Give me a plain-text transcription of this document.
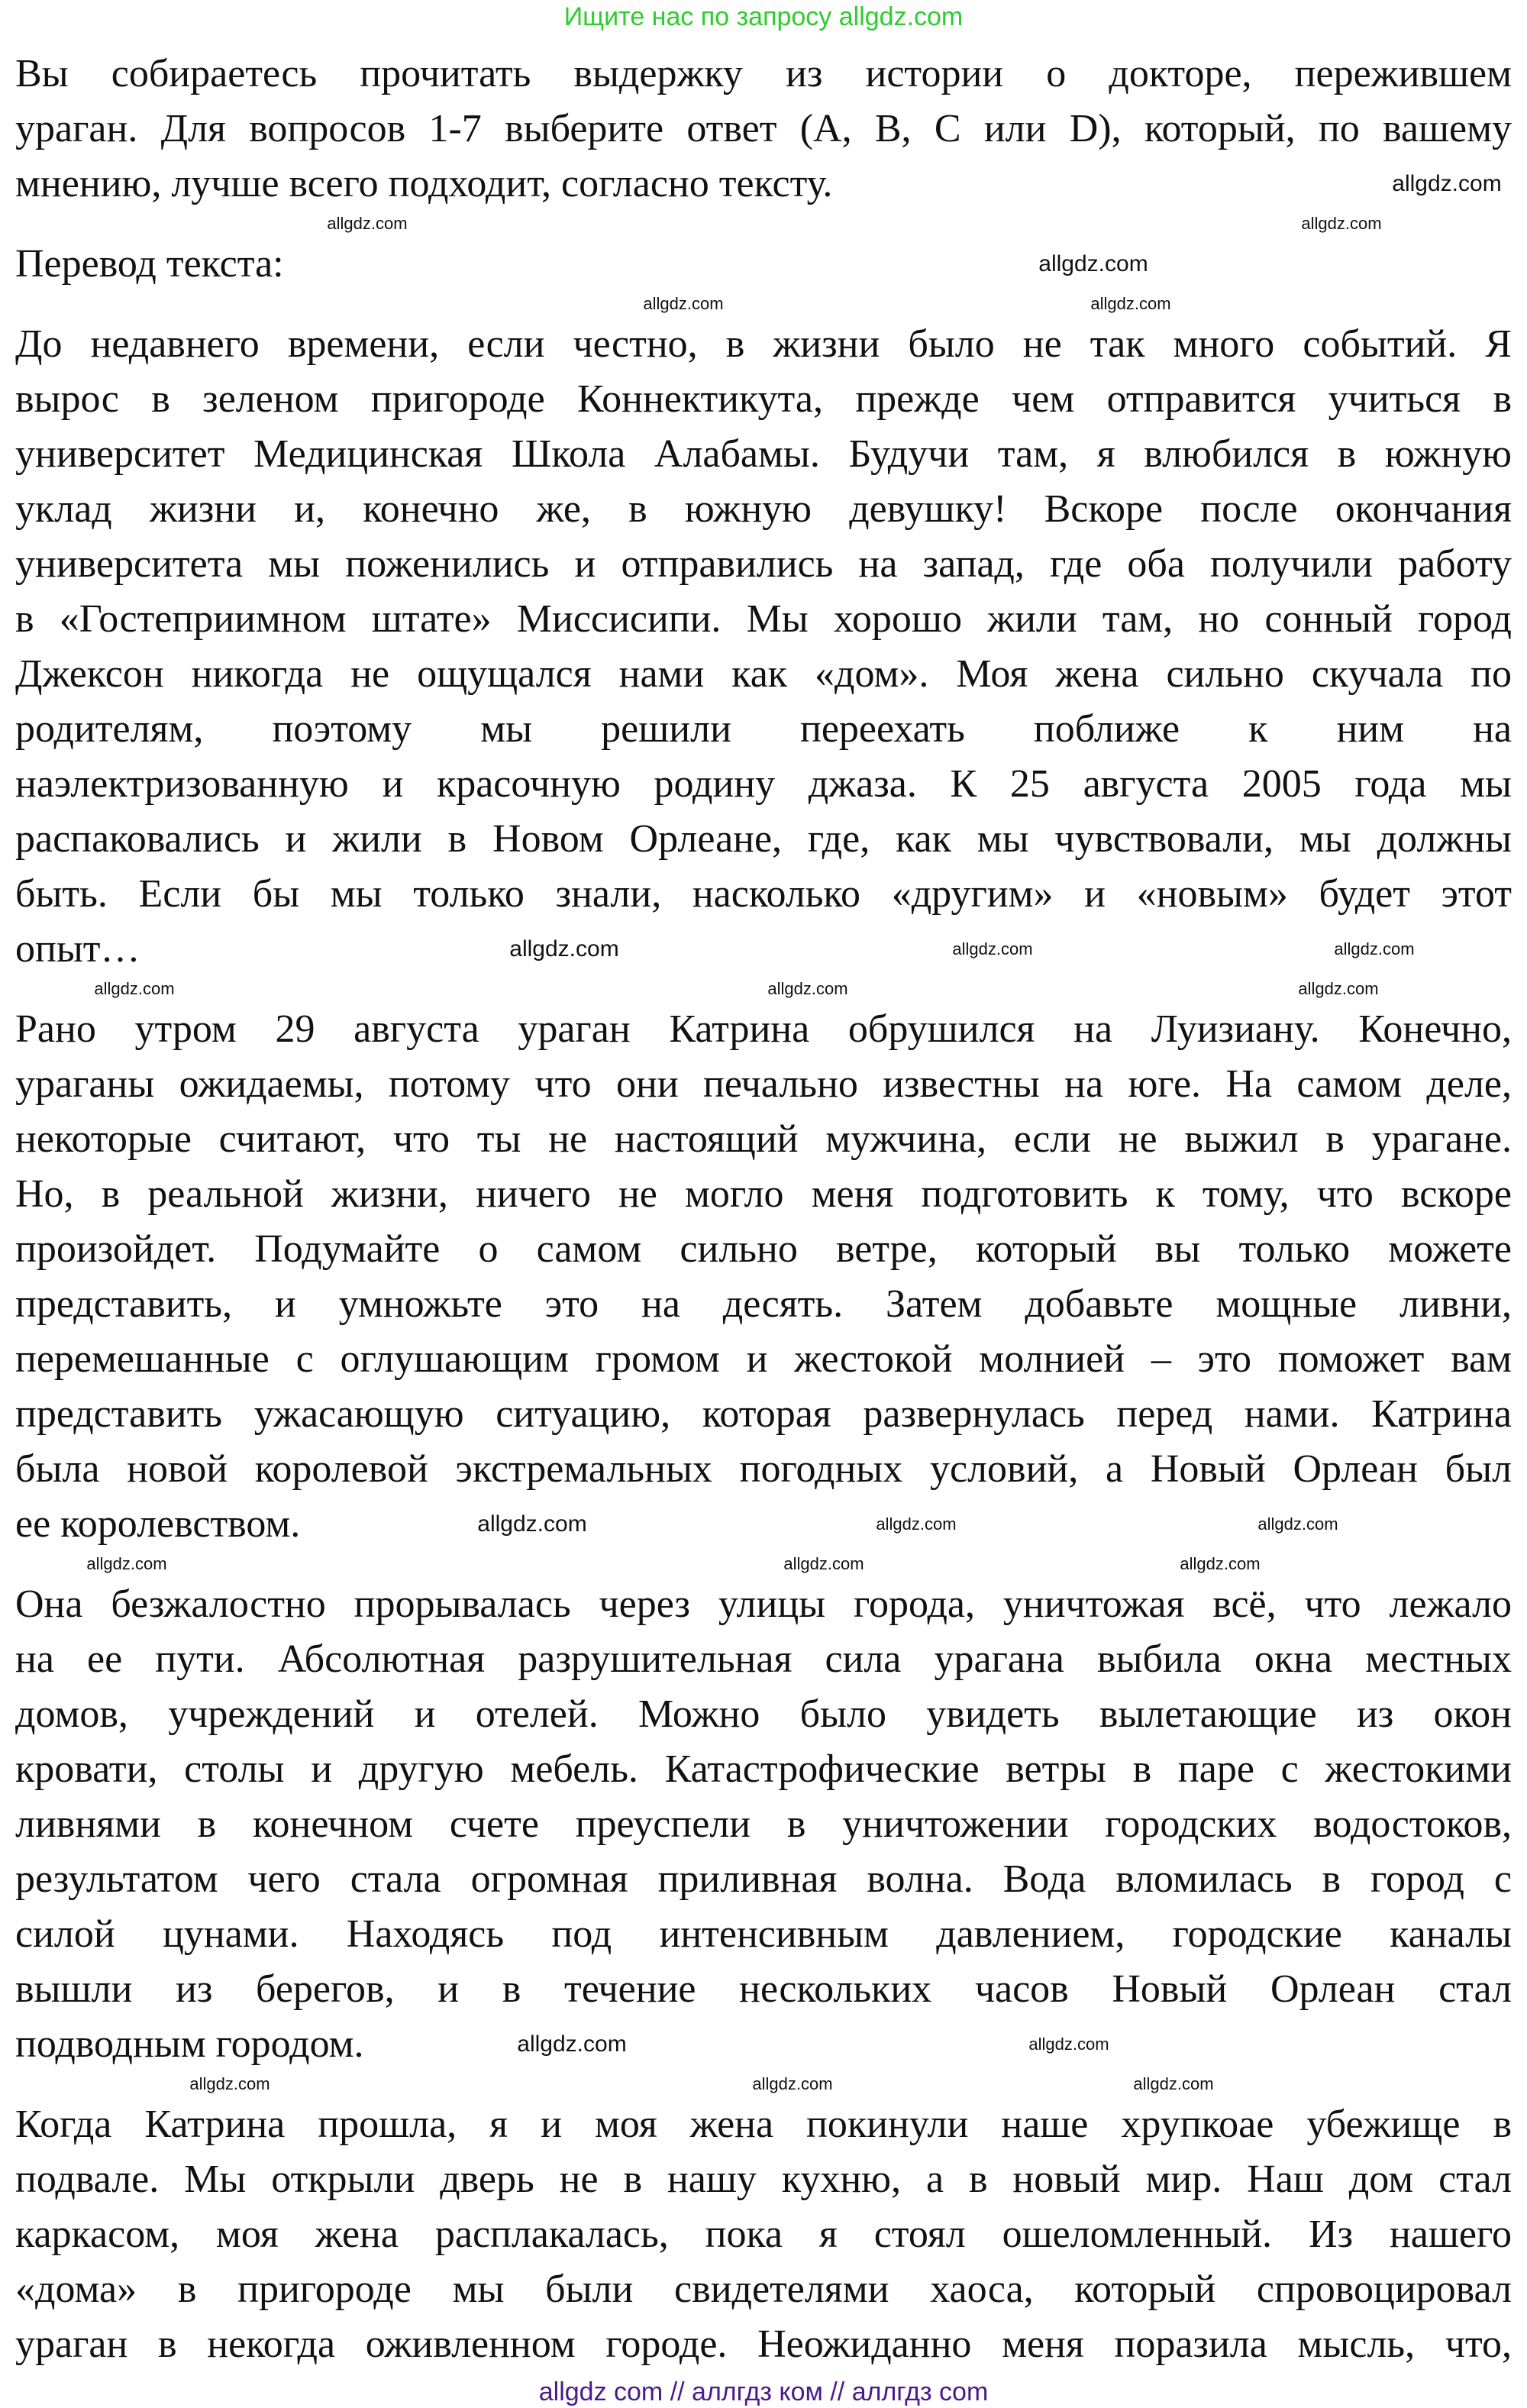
Ищите нас по запросу allgdz.com
Вы собираетесь прочитать выдержку из истории о докторе, пережившем
ураган. Для вопросов 1-7 выберите ответ (A, B, C или D), который, по вашему
мнению, лучше всего подходит, согласно тексту.
Перевод текста:
До недавнего времени, если честно, в жизни было не так много событий. Я
вырос в зеленом пригороде Коннектикута, прежде чем отправится учиться в
университет Медицинская Школа Алабамы. Будучи там, я влюбился в южную
уклад жизни и, конечно же, в южную девушку! Вскоре после окончания
университета мы поженились и отправились на запад, где оба получили работу
в «Гостеприимном штате» Миссисипи. Мы хорошо жили там, но сонный город
Джексон никогда не ощущался нами как «дом». Моя жена сильно скучала по
родителям, поэтому мы решили переехать поближе к ним на
наэлектризованную и красочную родину джаза. К 25 августа 2005 года мы
распаковались и жили в Новом Орлеане, где, как мы чувствовали, мы должны
быть. Если бы мы только знали, насколько «другим» и «новым» будет этот
опыт…
Рано утром 29 августа ураган Катрина обрушился на Луизиану. Конечно,
ураганы ожидаемы, потому что они печально известны на юге. На самом деле,
некоторые считают, что ты не настоящий мужчина, если не выжил в урагане.
Но, в реальной жизни, ничего не могло меня подготовить к тому, что вскоре
произойдет. Подумайте о самом сильно ветре, который вы только можете
представить, и умножьте это на десять. Затем добавьте мощные ливни,
перемешанные с оглушающим громом и жестокой молнией – это поможет вам
представить ужасающую ситуацию, которая развернулась перед нами. Катрина
была новой королевой экстремальных погодных условий, а Новый Орлеан был
ее королевством.
Она безжалостно прорывалась через улицы города, уничтожая всё, что лежало
на ее пути. Абсолютная разрушительная сила урагана выбила окна местных
домов, учреждений и отелей. Можно было увидеть вылетающие из окон
кровати, столы и другую мебель. Катастрофические ветры в паре с жестокими
ливнями в конечном счете преуспели в уничтожении городских водостоков,
результатом чего стала огромная приливная волна. Вода вломилась в город с
силой цунами. Находясь под интенсивным давлением, городские каналы
вышли из берегов, и в течение нескольких часов Новый Орлеан стал
подводным городом.
Когда Катрина прошла, я и моя жена покинули наше хрупкоае убежище в
подвале. Мы открыли дверь не в нашу кухню, а в новый мир. Наш дом стал
каркасом, моя жена расплакалась, пока я стоял ошеломленный. Из нашего
«дома» в пригороде мы были свидетелями хаоса, который спровоцировал
ураган в некогда оживленном городе. Неожиданно меня поразила мысль, что,
allgdz.com
allgdz.com
allgdz.com
allgdz.com
allgdz.com
allgdz.com	allgdz.com
allgdz.com	allgdz.com
allgdz.com
allgdz.com	allgdz.com
allgdz.com	allgdz.com
allgdz.com	allgdz.com	allgdz.com
allgdz.com	allgdz.com	allgdz.com
allgdz.com	allgdz.com	allgdz.com
allgdz com // аллгдз ком // аллгдз com
